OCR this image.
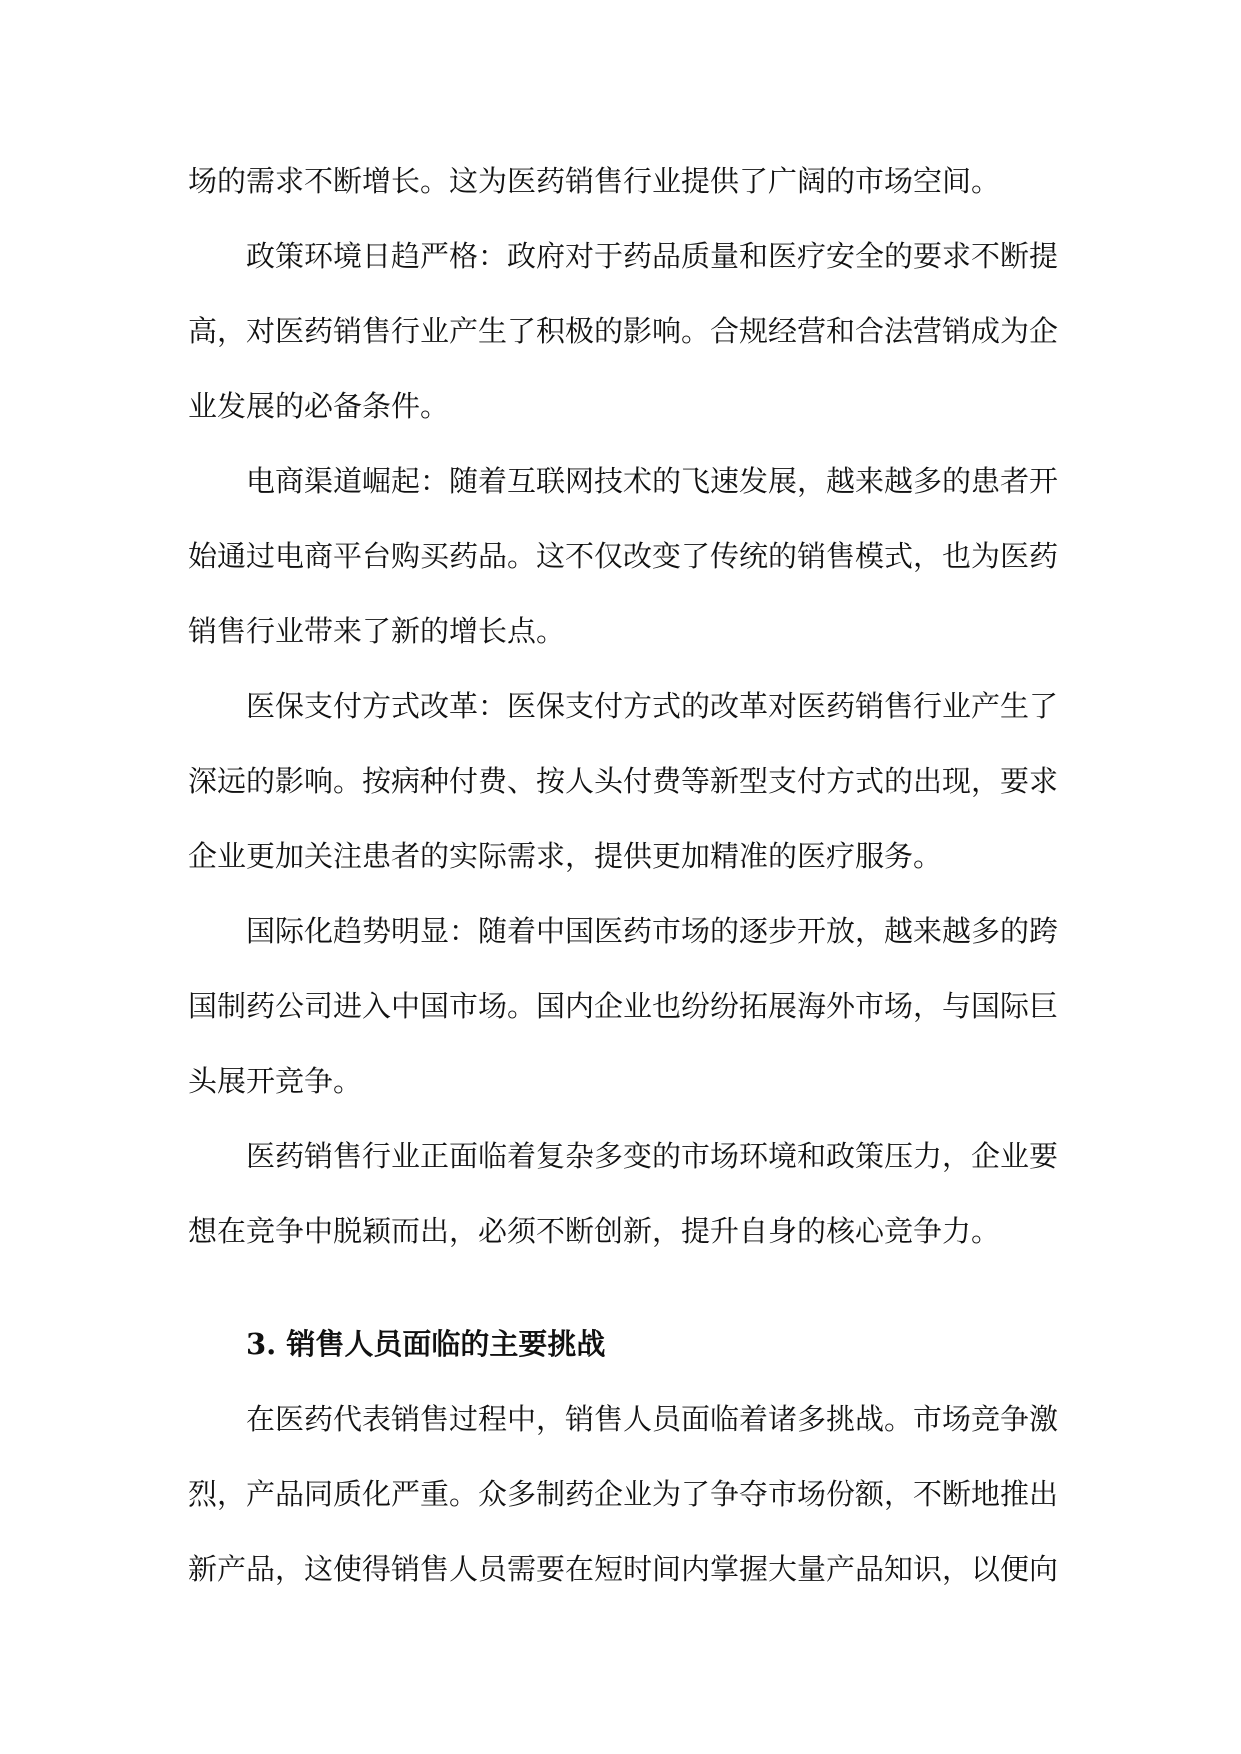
场的需求不断增长。这为医药销售行业提供了广阔的市场空间。

政策环境日趋严格：政府对于药品质量和医疗安全的要求不断提高，对医药销售行业产生了积极的影响。合规经营和合法营销成为企业发展的必备条件。

电商渠道崛起：随着互联网技术的飞速发展，越来越多的患者开始通过电商平台购买药品。这不仅改变了传统的销售模式，也为医药销售行业带来了新的增长点。

医保支付方式改革：医保支付方式的改革对医药销售行业产生了深远的影响。按病种付费、按人头付费等新型支付方式的出现，要求企业更加关注患者的实际需求，提供更加精准的医疗服务。

国际化趋势明显：随着中国医药市场的逐步开放，越来越多的跨国制药公司进入中国市场。国内企业也纷纷拓展海外市场，与国际巨头展开竞争。

医药销售行业正面临着复杂多变的市场环境和政策压力，企业要想在竞争中脱颖而出，必须不断创新，提升自身的核心竞争力。

3. 销售人员面临的主要挑战

在医药代表销售过程中，销售人员面临着诸多挑战。市场竞争激烈，产品同质化严重。众多制药企业为了争夺市场份额，不断地推出新产品，这使得销售人员需要在短时间内掌握大量产品知识，以便向
